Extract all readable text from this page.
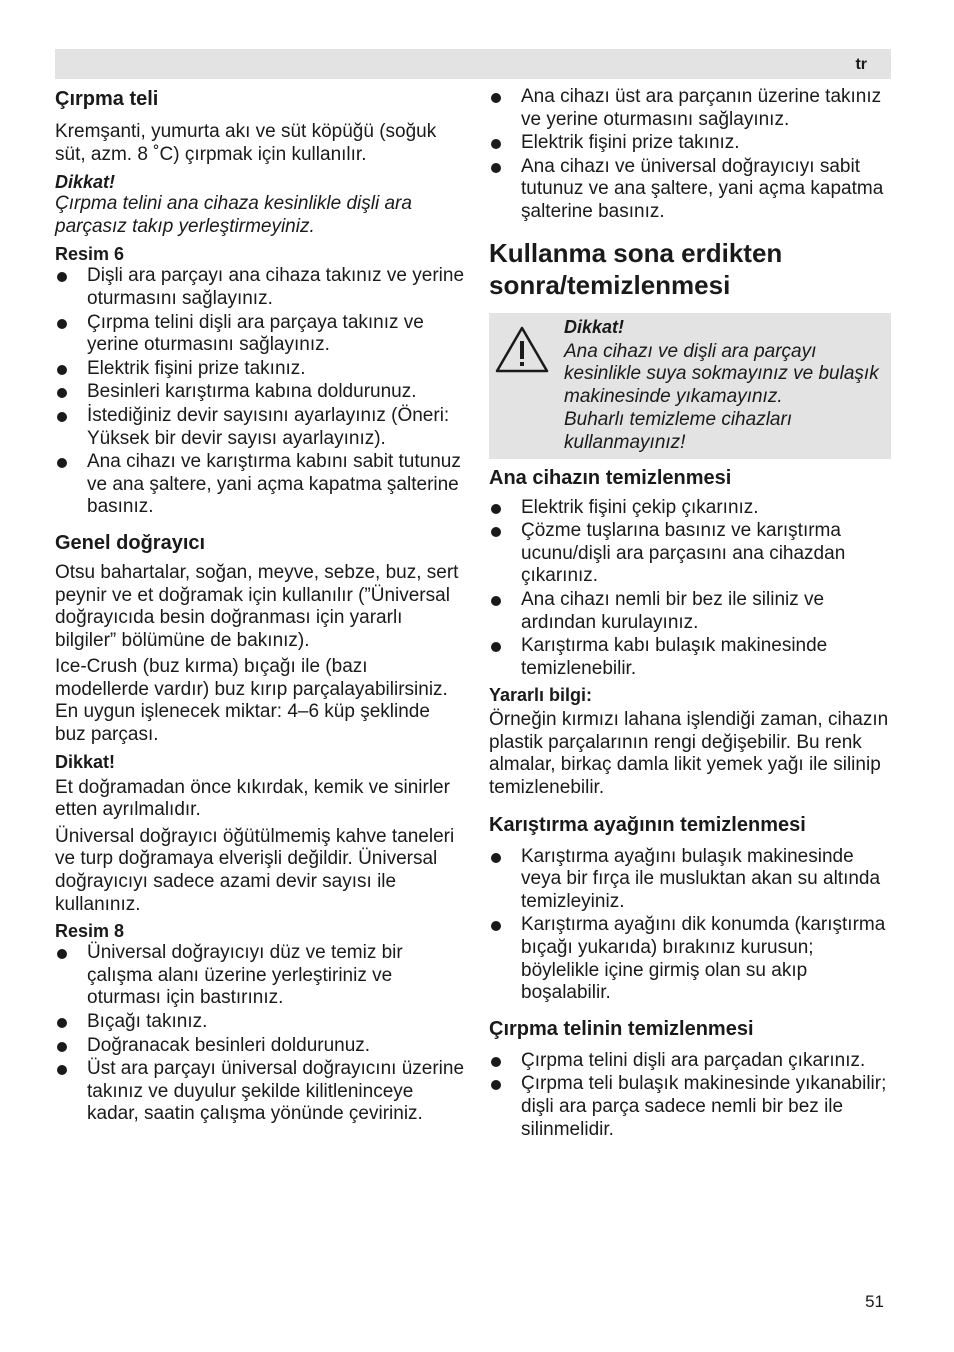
tr
Çırpma teli

Kremşanti, yumurta akı ve süt köpüğü (soğuk süt, azm. 8 ˚C) çırpmak için kullanılır.

Dikkat!

Çırpma telini ana cihaza kesinlikle dişli ara parçasız takıp yerleştirmeyiniz.

Resim 6

Dişli ara parçayı ana cihaza takınız ve yerine oturmasını sağlayınız.
Çırpma telini dişli ara parçaya takınız ve yerine oturmasını sağlayınız.
Elektrik fişini prize takınız.
Besinleri karıştırma kabına doldurunuz.
İstediğiniz devir sayısını ayarlayınız (Öneri: Yüksek bir devir sayısı ayarlayınız).
Ana cihazı ve karıştırma kabını sabit tutunuz ve ana şaltere, yani açma kapatma şalterine basınız.
Genel doğrayıcı

Otsu bahartalar, soğan, meyve, sebze, buz, sert peynir ve et doğramak için kullanılır (”Üniversal doğrayıcıda besin doğranması için yararlı bilgiler” bölümüne de bakınız).

Ice-Crush (buz kırma) bıçağı ile (bazı modellerde vardır) buz kırıp parçalayabilirsiniz. En uygun işlenecek miktar: 4–6 küp şeklinde buz parçası.

Dikkat!

Et doğramadan önce kıkırdak, kemik ve sinirler etten ayrılmalıdır.

Üniversal doğrayıcı öğütülmemiş kahve taneleri ve turp doğramaya elverişli değildir. Üniversal doğrayıcıyı sadece azami devir sayısı ile kullanınız.

Resim 8

Üniversal doğrayıcıyı düz ve temiz bir çalışma alanı üzerine yerleştiriniz ve oturması için bastırınız.
Bıçağı takınız.
Doğranacak besinleri doldurunuz.
Üst ara parçayı üniversal doğrayıcını üzerine takınız ve duyulur şekilde kilitleninceye kadar, saatin çalışma yönünde çeviriniz.
Ana cihazı üst ara parçanın üzerine takınız ve yerine oturmasını sağlayınız.
Elektrik fişini prize takınız.
Ana cihazı ve üniversal doğrayıcıyı sabit tutunuz ve ana şaltere, yani açma kapatma şalterine basınız.
Kullanma sona erdikten sonra/temizlenmesi

Dikkat!

Ana cihazı ve dişli ara parçayı kesinlikle suya sokmayınız ve bulaşık makinesinde yıkamayınız.

Buharlı temizleme cihazları kullanmayınız!

Ana cihazın temizlenmesi
Elektrik fişini çekip çıkarınız.
Çözme tuşlarına basınız ve karıştırma ucunu/dişli ara parçasını ana cihazdan çıkarınız.
Ana cihazı nemli bir bez ile siliniz ve ardından kurulayınız.
Karıştırma kabı bulaşık makinesinde temizlenebilir.

Yararlı bilgi:

Örneğin kırmızı lahana işlendiği zaman, cihazın plastik parçalarının rengi değişebilir. Bu renk almalar, birkaç damla likit yemek yağı ile silinip temizlenebilir.

Karıştırma ayağının temizlenmesi
Karıştırma ayağını bulaşık makinesinde veya bir fırça ile musluktan akan su altında temizleyiniz.
Karıştırma ayağını dik konumda (karıştırma bıçağı yukarıda) bırakınız kurusun; böylelikle içine girmiş olan su akıp boşalabilir.
Çırpma telinin temizlenmesi
Çırpma telini dişli ara parçadan çıkarınız.
Çırpma teli bulaşık makinesinde yıkanabilir; dişli ara parça sadece nemli bir bez ile silinmelidir.
51
